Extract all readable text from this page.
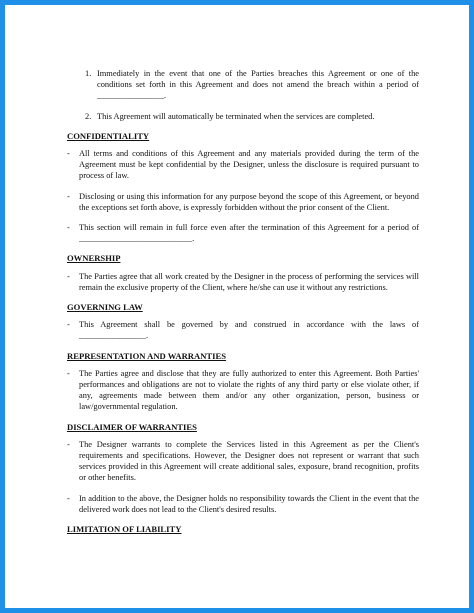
1. Immediately in the event that one of the Parties breaches this Agreement or one of the conditions set forth in this Agreement and does not amend the breach within a period of ________________.
2. This Agreement will automatically be terminated when the services are completed.
CONFIDENTIALITY
-	All terms and conditions of this Agreement and any materials provided during the term of the Agreement must be kept confidential by the Designer, unless the disclosure is required pursuant to process of law.
-	Disclosing or using this information for any purpose beyond the scope of this Agreement, or beyond the exceptions set forth above, is expressly forbidden without the prior consent of the Client.
-	This section will remain in full force even after the termination of this Agreement for a period of ___________________________.
OWNERSHIP
-	The Parties agree that all work created by the Designer in the process of performing the services will remain the exclusive property of the Client, where he/she can use it without any restrictions.
GOVERNING LAW
-	This Agreement shall be governed by and construed in accordance with the laws of ________________.
REPRESENTATION AND WARRANTIES
-	The Parties agree and disclose that they are fully authorized to enter this Agreement. Both Parties' performances and obligations are not to violate the rights of any third party or else violate other, if any, agreements made between them and/or any other organization, person, business or law/governmental regulation.
DISCLAIMER OF WARRANTIES
-	The Designer warrants to complete the Services listed in this Agreement as per the Client's requirements and specifications. However, the Designer does not represent or warrant that such services provided in this Agreement will create additional sales, exposure, brand recognition, profits or other benefits.
-	In addition to the above, the Designer holds no responsibility towards the Client in the event that the delivered work does not lead to the Client's desired results.
LIMITATION OF LIABILITY
